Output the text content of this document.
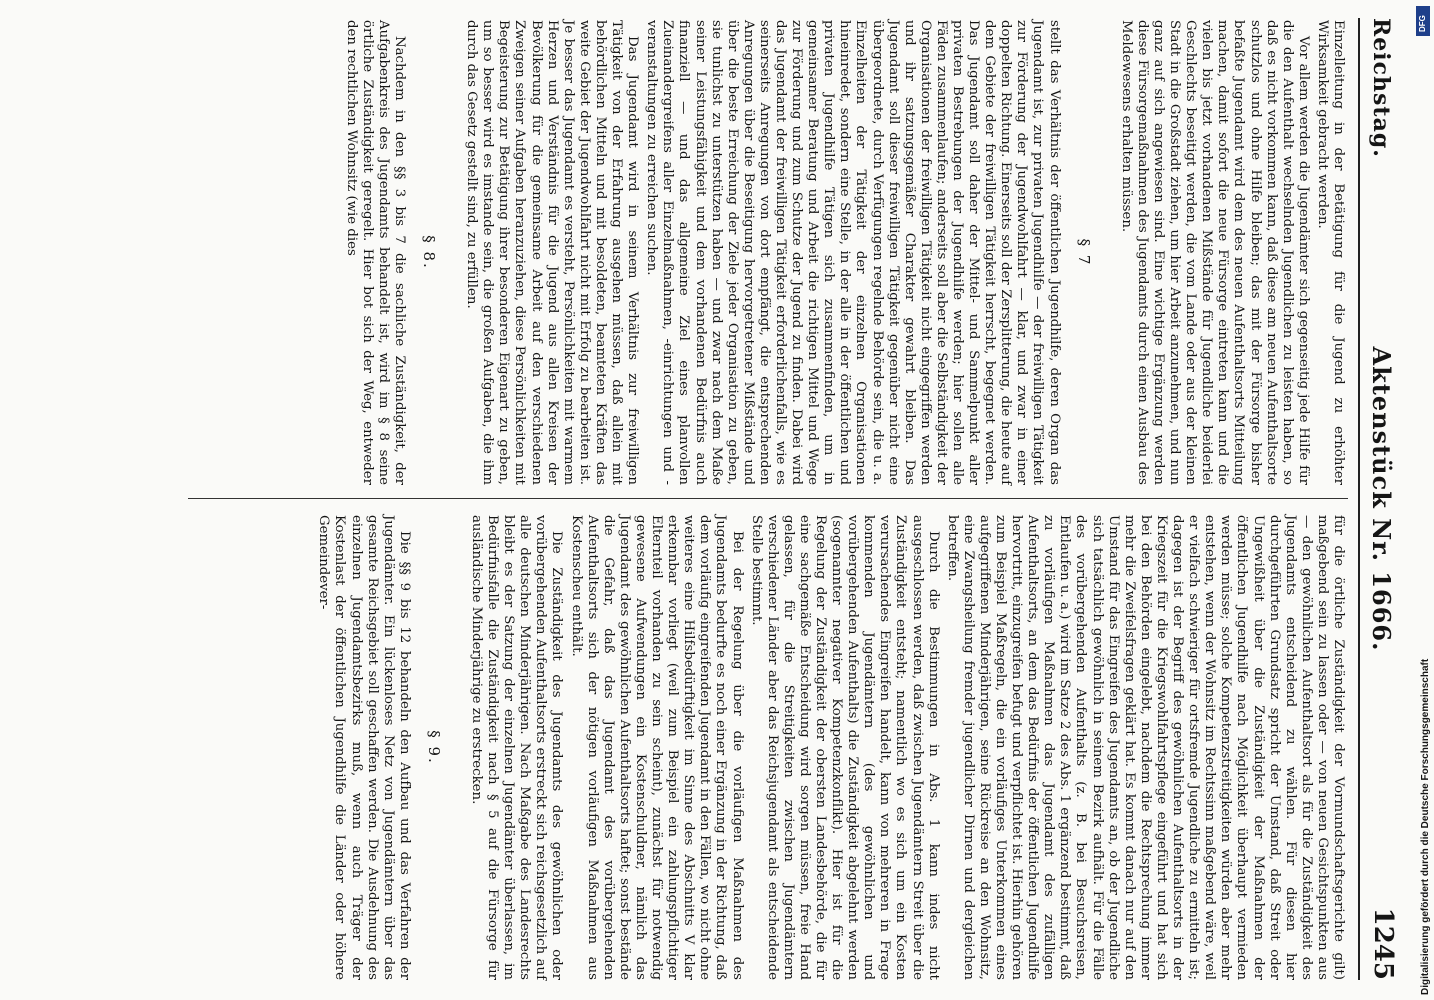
Reichstag.
Aktenstück Nr. 1666.
1245

Einzelleitung in der Betätigung für die Jugend zu erhöhter Wirksamkeit gebracht werden.

Vor allem werden die Jugendämter sich gegenseitig jede Hilfe für die den Aufenthalt wechselnden Jugendlichen zu leisten haben, so daß es nicht vorkommen kann, daß diese am neuen Aufenthaltsorte schutzlos und ohne Hilfe bleiben; das mit der Fürsorge bisher befaßte Jugendamt wird dem des neuen Aufenthaltsorts Mitteilung machen, damit sofort die neue Fürsorge eintreten kann und die vielen bis jetzt vorhandenen Mißstände für Jugendliche beiderlei Geschlechts beseitigt werden, die vom Lande oder aus der kleinen Stadt in die Großstadt ziehen, um hier Arbeit anzunehmen, und nun ganz auf sich angewiesen sind. Eine wichtige Ergänzung werden diese Fürsorgemaßnahmen des Jugendamts durch einen Ausbau des Meldewesens erhalten müssen.

§ 7

stellt das Verhältnis der öffentlichen Jugendhilfe, deren Organ das Jugendamt ist, zur privaten Jugendhilfe — der freiwilligen Tätigkeit zur Förderung der Jugendwohlfahrt — klar, und zwar in einer doppelten Richtung. Einerseits soll der Zersplitterung, die heute auf dem Gebiete der freiwilligen Tätigkeit herrscht, begegnet werden. Das Jugendamt soll daher der Mittel- und Sammelpunkt aller privaten Bestrebungen der Jugendhilfe werden; hier sollen alle Fäden zusammenlaufen; anderseits soll aber die Selbständigkeit der Organisationen der freiwilligen Tätigkeit nicht eingegriffen werden und ihr satzungsgemäßer Charakter gewahrt bleiben. Das Jugendamt soll dieser freiwilligen Tätigkeit gegenüber nicht eine übergeordnete, durch Verfügungen regelnde Behörde sein, die u. a. Einzelheiten der Tätigkeit der einzelnen Organisationen hineinredet, sondern eine Stelle, in der alle in der öffentlichen und privaten Jugendhilfe Tätigen sich zusammenfinden, um in gemeinsamer Beratung und Arbeit die richtigen Mittel und Wege zur Förderung und zum Schutze der Jugend zu finden. Dabei wird das Jugendamt der freiwilligen Tätigkeit erforderlichenfalls, wie es seinerseits Anregungen von dort empfängt, die entsprechenden Anregungen über die Beseitigung hervorgetretener Mißstände und über die beste Erreichung der Ziele jeder Organisation zu geben, sie tunlichst zu unterstützen haben — und zwar nach dem Maße seiner Leistungsfähigkeit und dem vorhandenen Bedürfnis auch finanziell — und das allgemeine Ziel eines planvollen Zueinandergreifens aller Einzelmaßnahmen, -einrichtungen und -veranstaltungen zu erreichen suchen.

Das Jugendamt wird in seinem Verhältnis zur freiwilligen Tätigkeit von der Erfahrung ausgehen müssen, daß allein mit behördlichen Mitteln und mit besoldeten, beamteten Kräften das weite Gebiet der Jugendwohlfahrt nicht mit Erfolg zu bearbeiten ist. Je besser das Jugendamt es versteht, Persönlichkeiten mit warmem Herzen und Verständnis für die Jugend aus allen Kreisen der Bevölkerung für die gemeinsame Arbeit auf den verschiedenen Zweigen seiner Aufgaben heranzuziehen, diese Persönlichkeiten mit Begeisterung zur Betätigung ihrer besonderen Eigenart zu geben, um so besser wird es imstande sein, die großen Aufgaben, die ihm durch das Gesetz gestellt sind, zu erfüllen.

§ 8.

Nachdem in den §§ 3 bis 7 die sachliche Zuständigkeit, der Aufgabenkreis des Jugendamts behandelt ist, wird im § 8 seine örtliche Zuständigkeit geregelt. Hier bot sich der Weg, entweder den rechtlichen Wohnsitz (wie dies

für die örtliche Zuständigkeit der Vormundschaftsgerichte gilt) maßgebend sein zu lassen oder — von neuen Gesichtspunkten aus — den gewöhnlichen Aufenthaltsort als für die Zuständigkeit des Jugendamts entscheidend zu wählen. Für diesen hier durchgeführten Grundsatz spricht der Umstand, daß Streit oder Ungewißheit über die Zuständigkeit der Maßnahmen der öffentlichen Jugendhilfe nach Möglichkeit überhaupt vermieden werden müsse; solche Kompetenzstreitigkeiten würden aber mehr entstehen, wenn der Wohnsitz im Rechtssinn maßgebend wäre, weil er vielfach schwieriger für ortsfremde Jugendliche zu ermitteln ist; dagegen ist der Begriff des gewöhnlichen Aufenthaltsorts in der Kriegszeit für die Kriegswohlfahrtspflege eingeführt und hat sich bei den Behörden eingelebt, nachdem die Rechtsprechung immer mehr die Zweifelsfragen geklärt hat. Es kommt danach nur auf den Umstand für das Eingreifen des Jugendamts an, ob der Jugendliche sich tatsächlich gewöhnlich in seinem Bezirk aufhält. Für die Fälle des vorübergehenden Aufenthalts (z. B. bei Besuchsreisen, Entlaufen u. a.) wird im Satze 2 des Abs. 1 ergänzend bestimmt, daß zu vorläufigen Maßnahmen das Jugendamt des zufälligen Aufenthaltsorts, an dem das Bedürfnis der öffentlichen Jugendhilfe hervortritt, einzugreifen befugt und verpflichtet ist. Hierhin gehören zum Beispiel Maßregeln, die ein vorläufiges Unterkommen eines aufgegriffenen Minderjährigen, seine Rückreise an den Wohnsitz, eine Zwangsheilung fremder jugendlicher Dirnen und dergleichen betreffen.

Durch die Bestimmungen in Abs. 1 kann indes nicht ausgeschlossen werden, daß zwischen Jugendämtern Streit über die Zuständigkeit entsteht; namentlich wo es sich um ein Kosten verursachendes Eingreifen handelt, kann von mehreren in Frage kommenden Jugendämtern (des gewöhnlichen und vorübergehenden Aufenthalts) die Zuständigkeit abgelehnt werden (sogenannter negativer Kompetenzkonflikt). Hier ist für die Regelung der Zuständigkeit der obersten Landesbehörde, die für eine sachgemäße Entscheidung wird sorgen müssen, freie Hand gelassen, für die Streitigkeiten zwischen Jugendämtern verschiedener Länder aber das Reichsjugendamt als entscheidende Stelle bestimmt.

Bei der Regelung über die vorläufigen Maßnahmen des Jugendamts bedurfte es noch einer Ergänzung in der Richtung, daß dem vorläufig eingreifenden Jugendamt in den Fällen, wo nicht ohne weiteres eine Hilfsbedürftigkeit im Sinne des Abschnitts V klar erkennbar vorliegt (weil zum Beispiel ein zahlungspflichtiger Elternteil vorhanden zu sein scheint), zunächst für notwendig gewesene Aufwendungen ein Kostenschuldner, nämlich das Jugendamt des gewöhnlichen Aufenthaltsorts haftet; sonst bestände die Gefahr, daß das Jugendamt des vorübergehenden Aufenthaltsorts sich der nötigen vorläufigen Maßnahmen aus Kostenscheu enthält.

Die Zuständigkeit des Jugendamts des gewöhnlichen oder vorübergehenden Aufenthaltsorts erstreckt sich reichsgesetzlich auf alle deutschen Minderjährigen. Nach Maßgabe des Landesrechts bleibt es der Satzung der einzelnen Jugendämter überlassen, im Bedürfnisfalle die Zuständigkeit nach § 5 auf die Fürsorge für ausländische Minderjährige zu erstrecken.

§ 9.

Die §§ 9 bis 12 behandeln den Aufbau und das Verfahren der Jugendämter. Ein lückenloses Netz von Jugendämtern über das gesamte Reichsgebiet soll geschaffen werden. Die Ausdehnung des einzelnen Jugendamtsbezirks muß, wenn auch Träger der Kostenlast der öffentlichen Jugendhilfe die Länder oder höhere Gemeindever-

DFG
Digitalisierung gefördert durch die Deutsche Forschungsgemeinschaft
